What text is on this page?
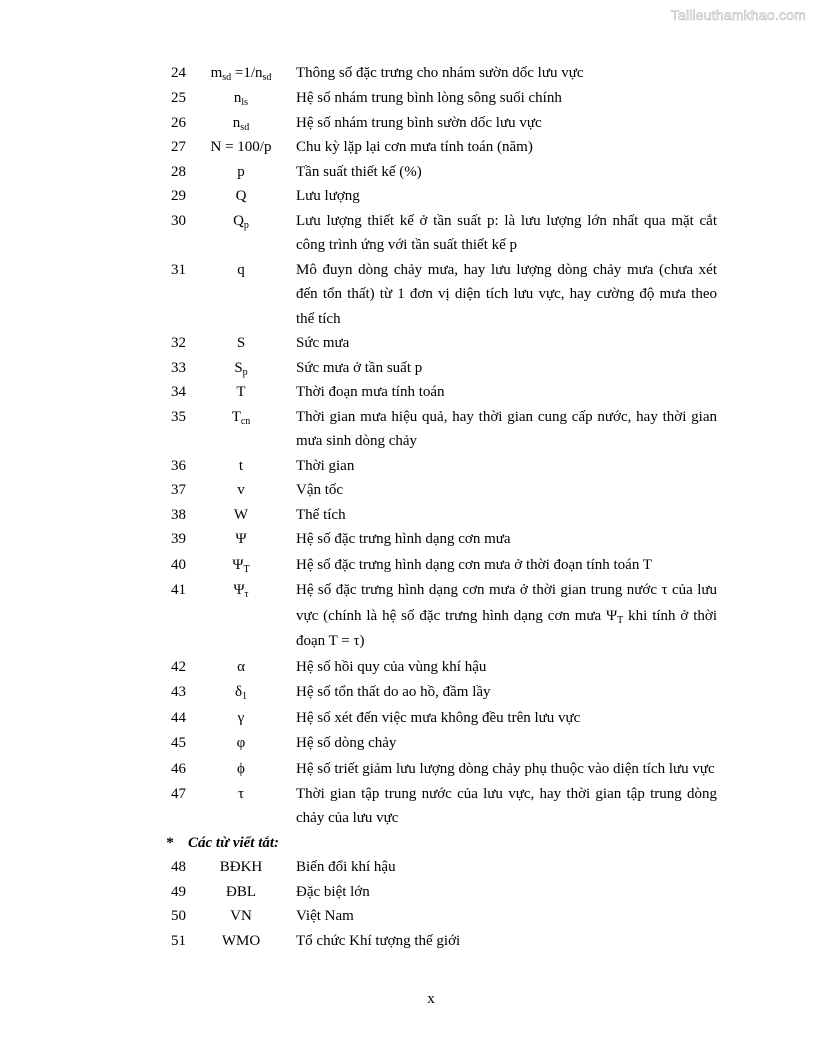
Tailieuthamkhao.com
24	$m_{sd} =1/n_{sd}$	Thông số đặc trưng cho nhám sườn dốc lưu vực
25	$n_{ls}$	Hệ số nhám trung bình lòng sông suối chính
26	$n_{sd}$	Hệ số nhám trung bình sườn dốc lưu vực
27	N = 100/p	Chu kỳ lặp lại cơn mưa tính toán (năm)
28	p	Tần suất thiết kế (%)
29	Q	Lưu lượng
30	$Q_p$	Lưu lượng thiết kế ở tần suất p: là lưu lượng lớn nhất qua mặt cắt công trình ứng với tần suất thiết kế p
31	q	Mô đuyn dòng chảy mưa, hay lưu lượng dòng chảy mưa (chưa xét đến tổn thất) từ 1 đơn vị diện tích lưu vực, hay cường độ mưa theo thể tích
32	S	Sức mưa
33	$S_p$	Sức mưa ở tần suất p
34	T	Thời đoạn mưa tính toán
35	$T_{cn}$	Thời gian mưa hiệu quả, hay thời gian cung cấp nước, hay thời gian mưa sinh dòng chảy
36	t	Thời gian
37	v	Vận tốc
38	W	Thể tích
39	Ψ	Hệ số đặc trưng hình dạng cơn mưa
40	$\Psi_T$	Hệ số đặc trưng hình dạng cơn mưa ở thời đoạn tính toán T
41	$\Psi_\tau$	Hệ số đặc trưng hình dạng cơn mưa ở thời gian trung nước τ của lưu vực (chính là hệ số đặc trưng hình dạng cơn mưa $\Psi_T$ khi tính ở thời đoạn T = τ)
42	α	Hệ số hồi quy của vùng khí hậu
43	$\delta_1$	Hệ số tổn thất do ao hồ, đầm lầy
44	γ	Hệ số xét đến việc mưa không đều trên lưu vực
45	φ	Hệ số dòng chảy
46	ϕ	Hệ số triết giảm lưu lượng dòng chảy phụ thuộc vào diện tích lưu vực
47	τ	Thời gian tập trung nước của lưu vực, hay thời gian tập trung dòng chảy của lưu vực
* Các từ viết tắt:
48	BĐKH	Biến đổi khí hậu
49	ĐBL	Đặc biệt lớn
50	VN	Việt Nam
51	WMO	Tổ chức Khí tượng thế giới
x
